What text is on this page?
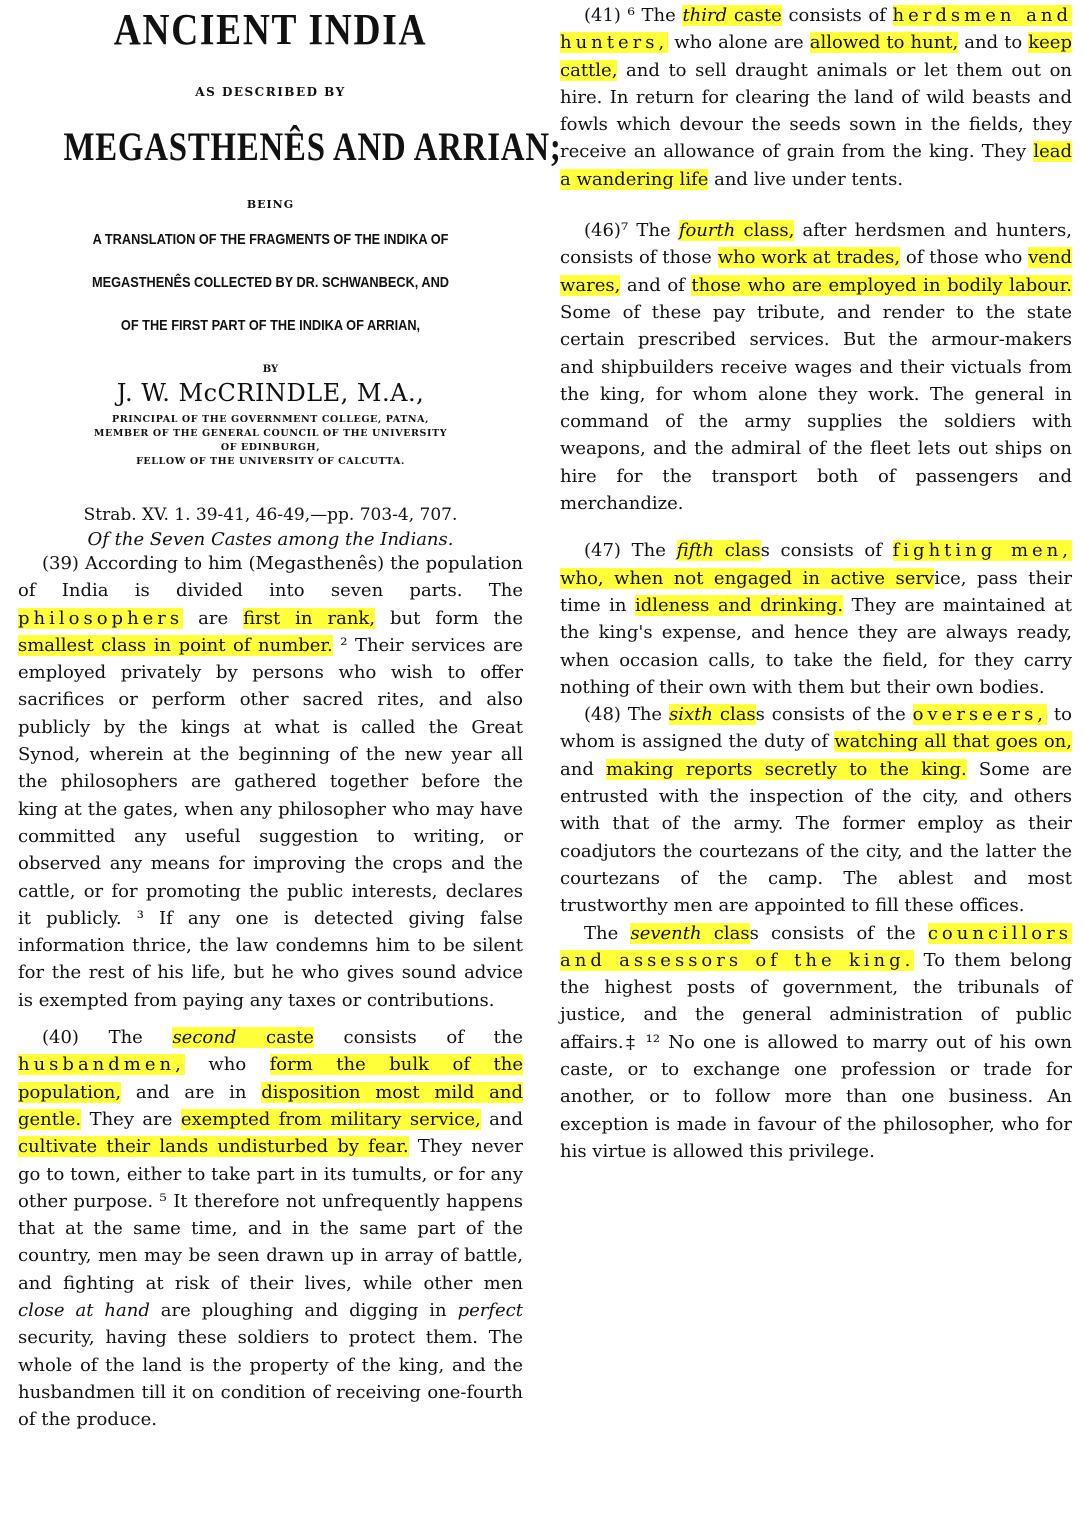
ANCIENT INDIA
AS DESCRIBED BY
MEGASTHENÊS AND ARRIAN;
BEING
A TRANSLATION OF THE FRAGMENTS OF THE INDIKA OF
MEGASTHENÊS COLLECTED BY DR. SCHWANBECK, AND
OF THE FIRST PART OF THE INDIKA OF ARRIAN,
BY
J. W. McCRINDLE, M.A.,
PRINCIPAL OF THE GOVERNMENT COLLEGE, PATNA,
MEMBER OF THE GENERAL COUNCIL OF THE UNIVERSITY
OF EDINBURGH,
FELLOW OF THE UNIVERSITY OF CALCUTTA.
Strab. XV. 1. 39-41, 46-49,—pp. 703-4, 707.
Of the Seven Castes among the Indians.

(39) According to him (Megasthenês) the population of India is divided into seven parts. The philosophers are first in rank, but form the smallest class in point of number. ² Their services are employed privately by persons who wish to offer sacrifices or perform other sacred rites, and also publicly by the kings at what is called the Great Synod, wherein at the beginning of the new year all the philosophers are gathered together before the king at the gates, when any philosopher who may have committed any useful suggestion to writing, or observed any means for improving the crops and the cattle, or for promoting the public interests, declares it publicly. ³ If any one is detected giving false information thrice, the law condemns him to be silent for the rest of his life, but he who gives sound advice is exempted from paying any taxes or contributions.

(40) The second caste consists of the husbandmen, who form the bulk of the population, and are in disposition most mild and gentle. They are exempted from military service, and cultivate their lands undisturbed by fear. They never go to town, either to take part in its tumults, or for any other purpose. ⁵ It therefore not unfrequently happens that at the same time, and in the same part of the country, men may be seen drawn up in array of battle, and fighting at risk of their lives, while other men close at hand are ploughing and digging in perfect security, having these soldiers to protect them. The whole of the land is the property of the king, and the husbandmen till it on condition of receiving one-fourth of the produce.

(41) ⁶ The third caste consists of herdsmen and hunters, who alone are allowed to hunt, and to keep cattle, and to sell draught animals or let them out on hire. In return for clearing the land of wild beasts and fowls which devour the seeds sown in the fields, they receive an allowance of grain from the king. They lead a wandering life and live under tents.

(46)⁷ The fourth class, after herdsmen and hunters, consists of those who work at trades, of those who vend wares, and of those who are employed in bodily labour. Some of these pay tribute, and render to the state certain prescribed services. But the armour-makers and shipbuilders receive wages and their victuals from the king, for whom alone they work. The general in command of the army supplies the soldiers with weapons, and the admiral of the fleet lets out ships on hire for the transport both of passengers and merchandize.

(47) The fifth class consists of fighting men, who, when not engaged in active service, pass their time in idleness and drinking. They are maintained at the king's expense, and hence they are always ready, when occasion calls, to take the field, for they carry nothing of their own with them but their own bodies.

(48) The sixth class consists of the overseers, to whom is assigned the duty of watching all that goes on, and making reports secretly to the king. Some are entrusted with the inspection of the city, and others with that of the army. The former employ as their coadjutors the courtezans of the city, and the latter the courtezans of the camp. The ablest and most trustworthy men are appointed to fill these offices.

The seventh class consists of the councillors and assessors of the king. To them belong the highest posts of government, the tribunals of justice, and the general administration of public affairs.‡ ¹² No one is allowed to marry out of his own caste, or to exchange one profession or trade for another, or to follow more than one business. An exception is made in favour of the philosopher, who for his virtue is allowed this privilege.
